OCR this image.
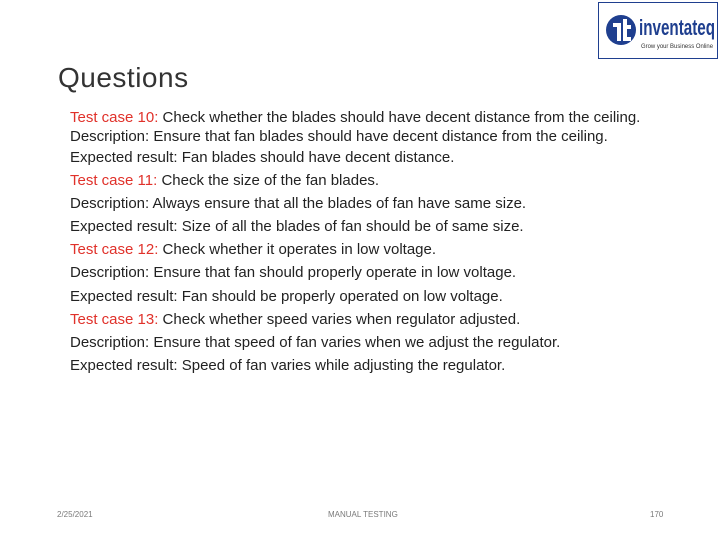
inventateq
Grow your Business Online
Questions

Test case 10: Check whether the blades should have decent distance from the ceiling.

Description: Ensure that fan blades should have decent distance from the ceiling.

Expected result: Fan blades should have decent distance.

Test case 11: Check the size of the fan blades.

Description: Always ensure that all the blades of fan have same size.

Expected result: Size of all the blades of fan should be of same size.

Test case 12: Check whether it operates in low voltage.

Description: Ensure that fan should properly operate in low voltage.

Expected result: Fan should be properly operated on low voltage.

Test case 13: Check whether speed varies when regulator adjusted.

Description: Ensure that speed of fan varies when we adjust the regulator.

Expected result: Speed of fan varies while adjusting the regulator.

2/25/2021	MANUAL TESTING	170
